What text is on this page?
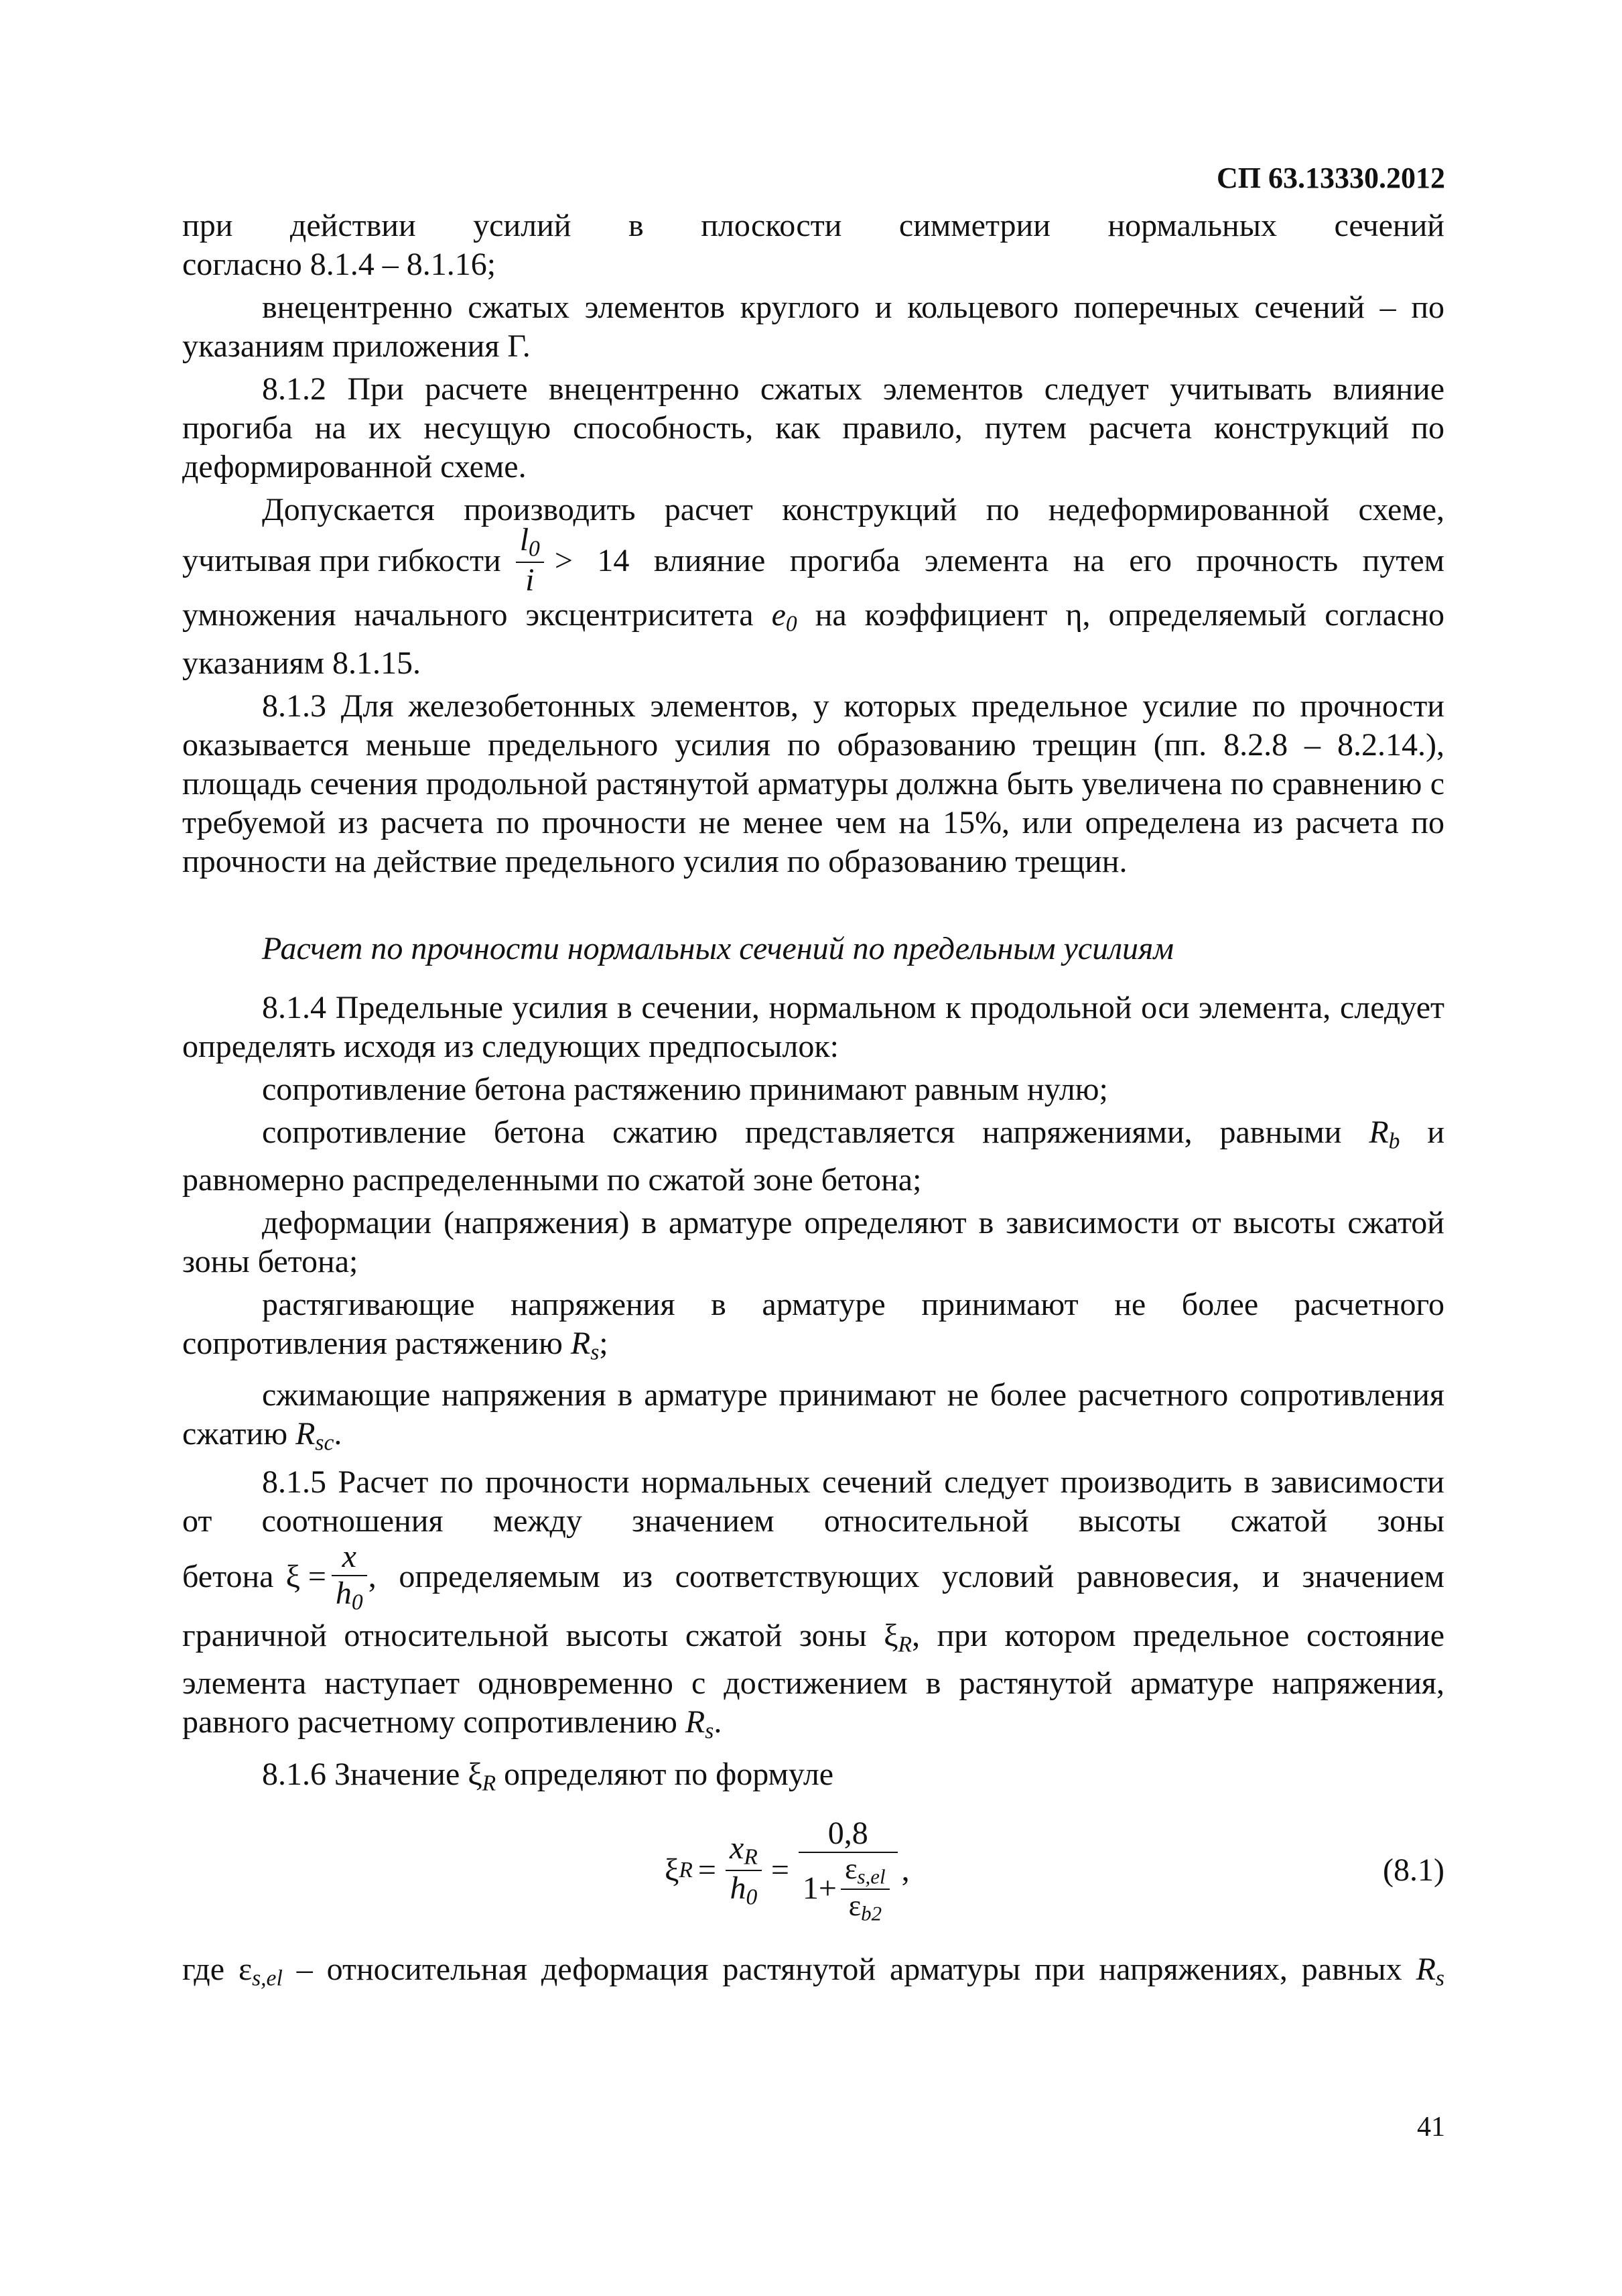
СП 63.13330.2012

при действии усилий в плоскости симметрии нормальных сечений

согласно 8.1.4 – 8.1.16;

внецентренно сжатых элементов круглого и кольцевого поперечных сечений – по указаниям приложения Г.

8.1.2 При расчете внецентренно сжатых элементов следует учитывать влияние прогиба на их несущую способность, как правило, путем расчета конструкций по деформированной схеме.

Допускается производить расчет конструкций по недеформированной схеме,

учитывая при гибкости $\frac{l_0}{i} > 14$ влияние прогиба элемента на его прочность путем

умножения начального эксцентриситета $e_0$ на коэффициент η, определяемый согласно указаниям 8.1.15.

8.1.3 Для железобетонных элементов, у которых предельное усилие по прочности оказывается меньше предельного усилия по образованию трещин (пп. 8.2.8 – 8.2.14.), площадь сечения продольной растянутой арматуры должна быть увеличена по сравнению с требуемой из расчета по прочности не менее чем на 15%, или определена из расчета по прочности на действие предельного усилия по образованию трещин.

Расчет по прочности нормальных сечений по предельным усилиям

8.1.4 Предельные усилия в сечении, нормальном к продольной оси элемента, следует определять исходя из следующих предпосылок:

сопротивление бетона растяжению принимают равным нулю;

сопротивление бетона сжатию представляется напряжениями, равными $R_b$ и равномерно распределенными по сжатой зоне бетона;

деформации (напряжения) в арматуре определяют в зависимости от высоты сжатой зоны бетона;

растягивающие напряжения в арматуре принимают не более расчетного сопротивления растяжению $R_s$;

сжимающие напряжения в арматуре принимают не более расчетного сопротивления сжатию $R_{sc}$.

8.1.5 Расчет по прочности нормальных сечений следует производить в зависимости от соотношения между значением относительной высоты сжатой зоны

бетона $\xi = \frac{x}{h_0}$ , определяемым из соответствующих условий равновесия, и значением

граничной относительной высоты сжатой зоны $\xi_R$, при котором предельное состояние элемента наступает одновременно с достижением в растянутой арматуре напряжения, равного расчетному сопротивлению $R_s$.

8.1.6 Значение $\xi_R$ определяют по формуле

ξ $R = \frac{x_R}{h_0} = \frac{0,8}{1+ \frac{\varepsilon_{s,el}}{\varepsilon_{b2}}}$ ,	(8.1)

где $\varepsilon_{s,el}$ – относительная деформация растянутой арматуры при напряжениях, равных $R_s$

41
